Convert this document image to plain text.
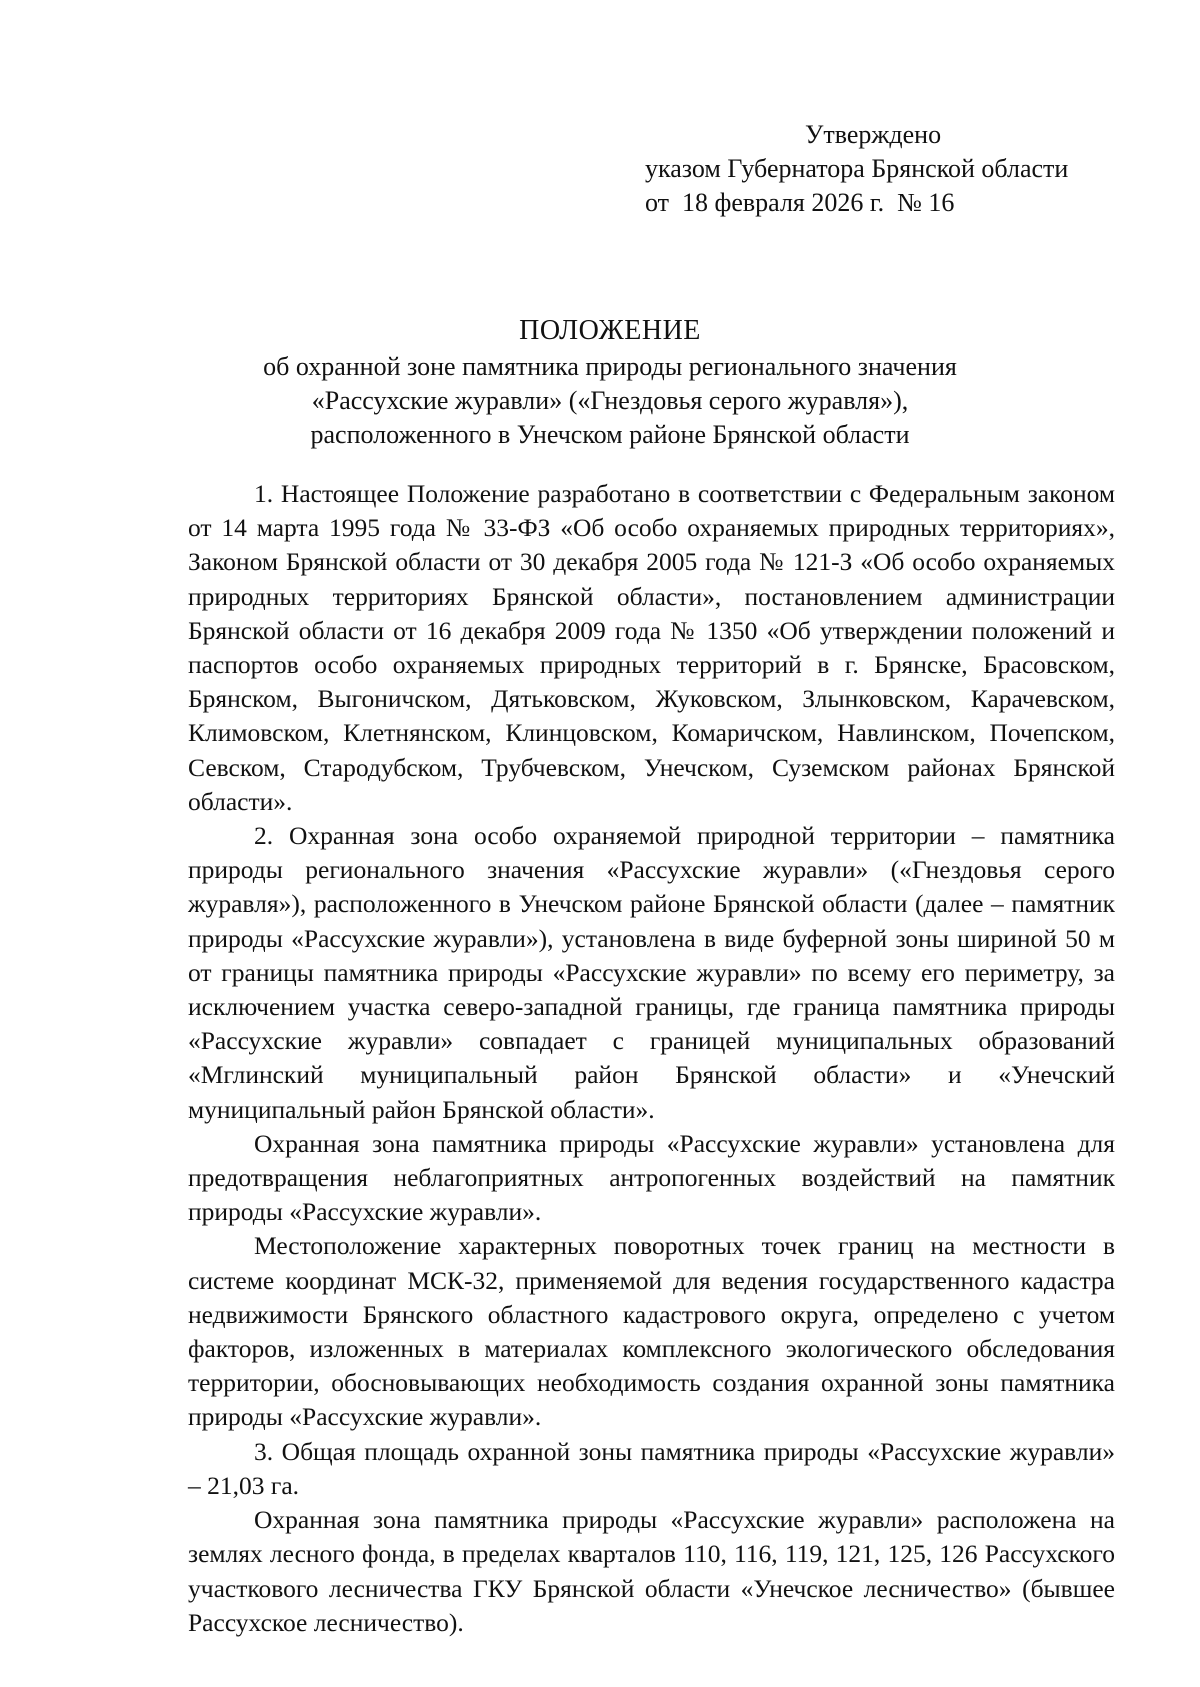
Утверждено
указом Губернатора Брянской области
от  18 февраля 2026 г.  № 16
ПОЛОЖЕНИЕ
об охранной зоне памятника природы регионального значения
«Рассухские журавли» («Гнездовья серого журавля»),
расположенного в Унечском районе Брянской области

1. Настоящее Положение разработано в соответствии с Федеральным законом от 14 марта 1995 года № 33-ФЗ «Об особо охраняемых природных территориях», Законом Брянской области от 30 декабря 2005 года № 121-З «Об особо охраняемых природных территориях Брянской области», постановлением администрации Брянской области от 16 декабря 2009 года № 1350 «Об утверждении положений и паспортов особо охраняемых природных территорий в г. Брянске, Брасовском, Брянском, Выгоничском, Дятьковском, Жуковском, Злынковском, Карачевском, Климовском, Клетнянском, Клинцовском, Комаричском, Навлинском, Почепском, Севском, Стародубском, Трубчевском, Унечском, Суземском районах Брянской области».

2. Охранная зона особо охраняемой природной территории – памятника природы регионального значения «Рассухские журавли» («Гнездовья серого журавля»), расположенного в Унечском районе Брянской области (далее – памятник природы «Рассухские журавли»), установлена в виде буферной зоны шириной 50 м от границы памятника природы «Рассухские журавли» по всему его периметру, за исключением участка северо-западной границы, где граница памятника природы «Рассухские журавли» совпадает с границей муниципальных образований «Мглинский муниципальный район Брянской области» и «Унечский муниципальный район Брянской области».

Охранная зона памятника природы «Рассухские журавли» установлена для предотвращения неблагоприятных антропогенных воздействий на памятник природы «Рассухские журавли».

Местоположение характерных поворотных точек границ на местности в системе координат МСК-32, применяемой для ведения государственного кадастра недвижимости Брянского областного кадастрового округа, определено с учетом факторов, изложенных в материалах комплексного экологического обследования территории, обосновывающих необходимость создания охранной зоны памятника природы «Рассухские журавли».

3. Общая площадь охранной зоны памятника природы «Рассухские журавли» – 21,03 га.

Охранная зона памятника природы «Рассухские журавли» расположена на землях лесного фонда, в пределах кварталов 110, 116, 119, 121, 125, 126 Рассухского участкового лесничества ГКУ Брянской области «Унечское лесничество» (бывшее Рассухское лесничество).
